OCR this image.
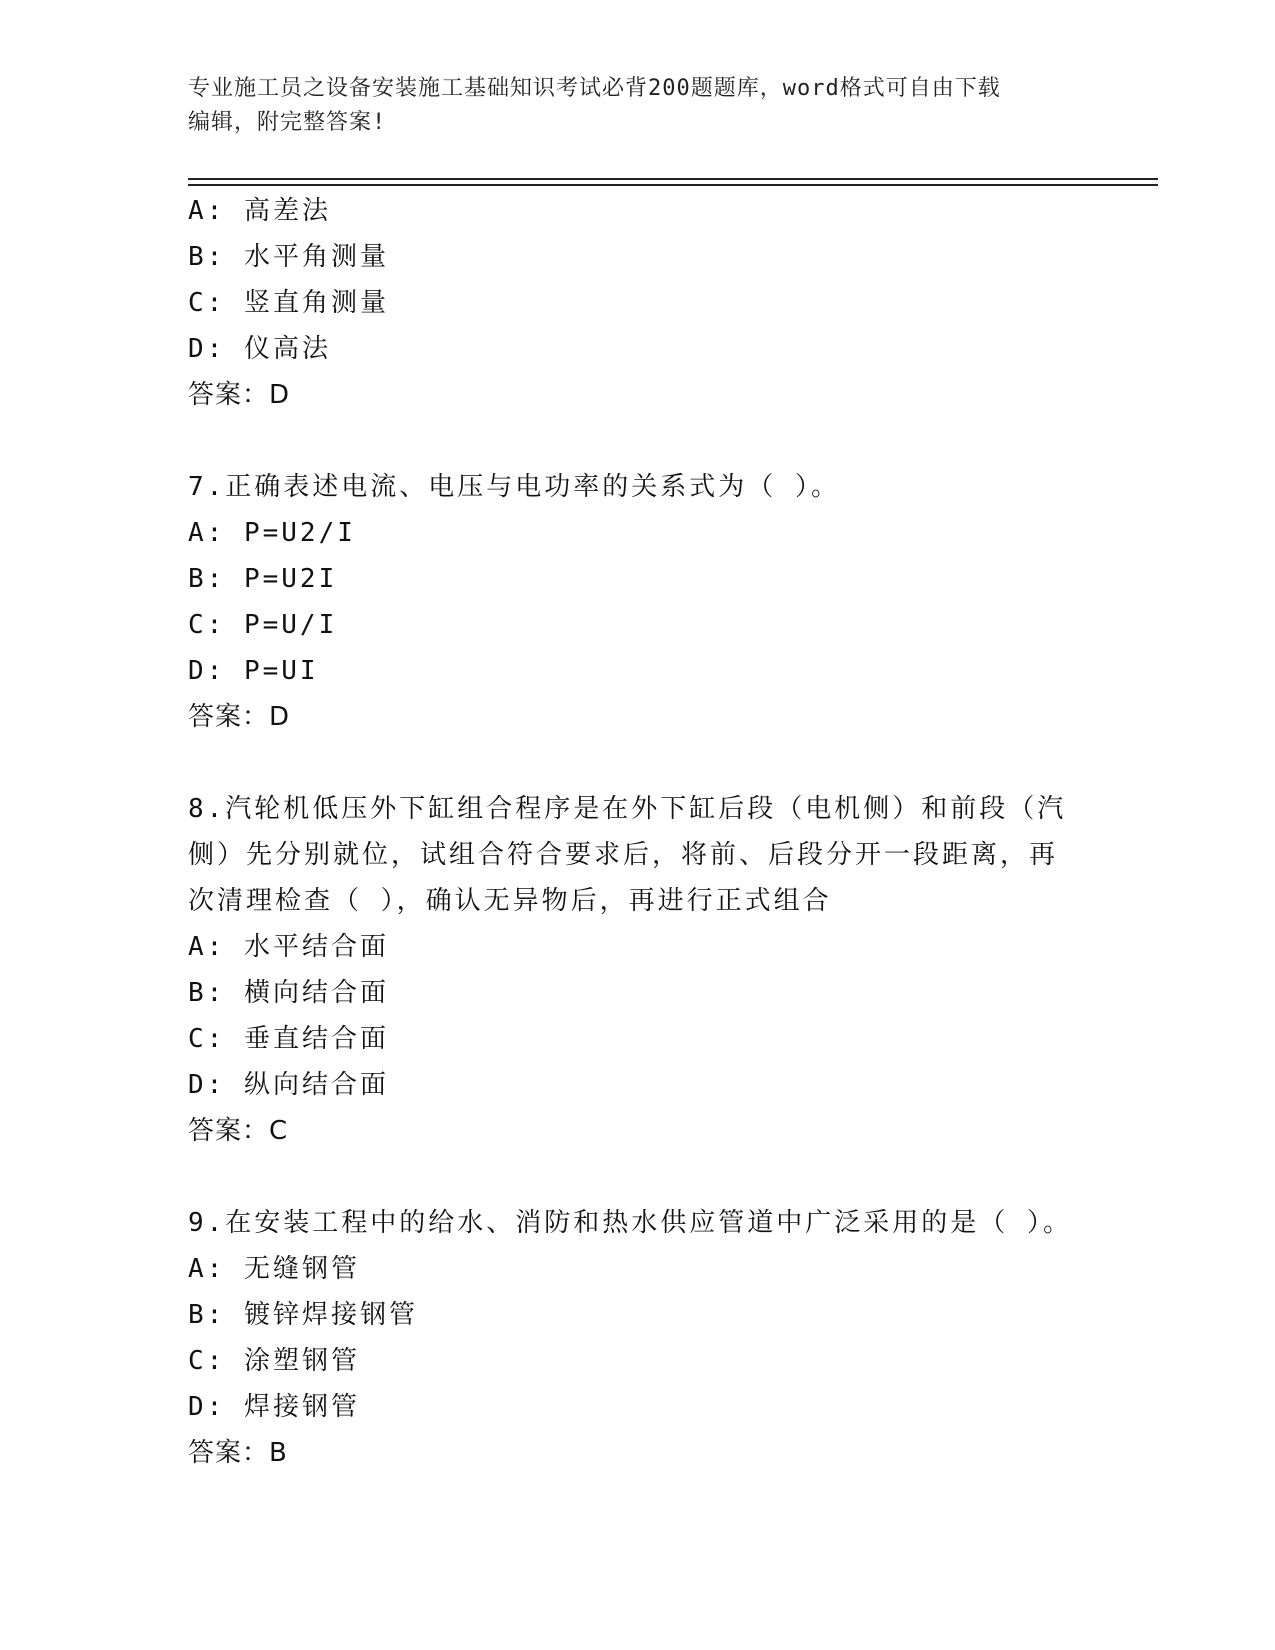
专业施工员之设备安装施工基础知识考试必背200题题库，word格式可自由下载
编辑，附完整答案!
A: 高差法
B: 水平角测量
C: 竖直角测量
D: 仪高法
答案：D
7.正确表述电流、电压与电功率的关系式为（ ）。
A: P=U2/I
B: P=U2I
C: P=U/I
D: P=UI
答案：D
8.汽轮机低压外下缸组合程序是在外下缸后段（电机侧）和前段（汽
侧）先分别就位，试组合符合要求后，将前、后段分开一段距离，再
次清理检查（ ），确认无异物后，再进行正式组合
A: 水平结合面
B: 横向结合面
C: 垂直结合面
D: 纵向结合面
答案：C
9.在安装工程中的给水、消防和热水供应管道中广泛采用的是（ ）。
A: 无缝钢管
B: 镀锌焊接钢管
C: 涂塑钢管
D: 焊接钢管
答案：B
